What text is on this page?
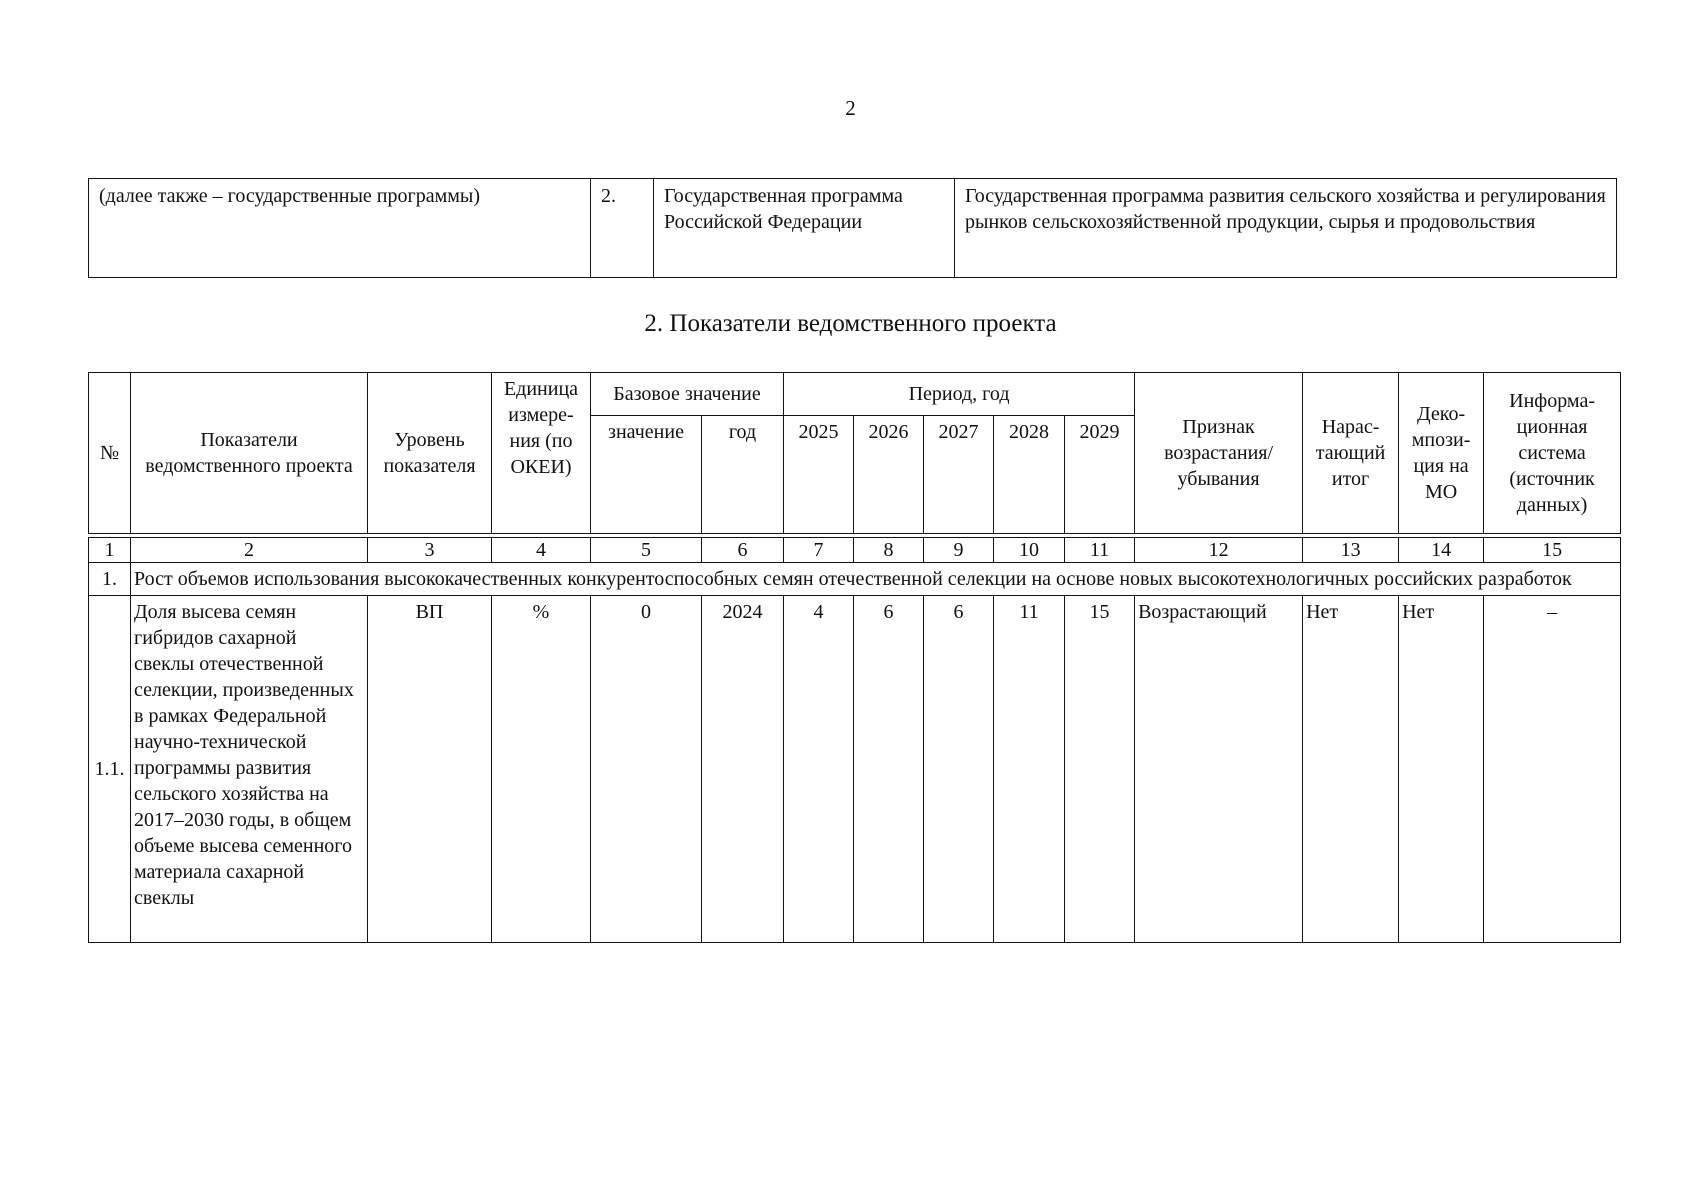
2
(далее также – государственные программы)	2.	Государственная программа Российской Федерации	Государственная программа развития сельского хозяйства и регулирования рынков сельскохозяйственной продукции, сырья и продовольствия
2. Показатели ведомственного проекта
№	Показатели ведомственного проекта	Уровень показателя	Единица измере-ния (по ОКЕИ)	Базовое значение		Период, год					Признак возрастания/ убывания	Нарас-тающий итог	Деко-мпози-ция на МО	Информа-ционная система (источник данных)
				значение	год	2025	2026	2027	2028	2029				

1	2	3	4	5	6	7	8	9	10	11	12	13	14	15
1.	Рост объемов использования высококачественных конкурентоспособных семян отечественной селекции на основе новых высокотехнологичных российских разработок													
1.1.	Доля высева семян гибридов сахарной свеклы отечественной селекции, произведенных в рамках Федеральной научно-технической программы развития сельского хозяйства на 2017–2030 годы, в общем объеме высева семенного материала сахарной свеклы	ВП	%	0	2024	4	6	6	11	15	Возрастающий	Нет	Нет	–
